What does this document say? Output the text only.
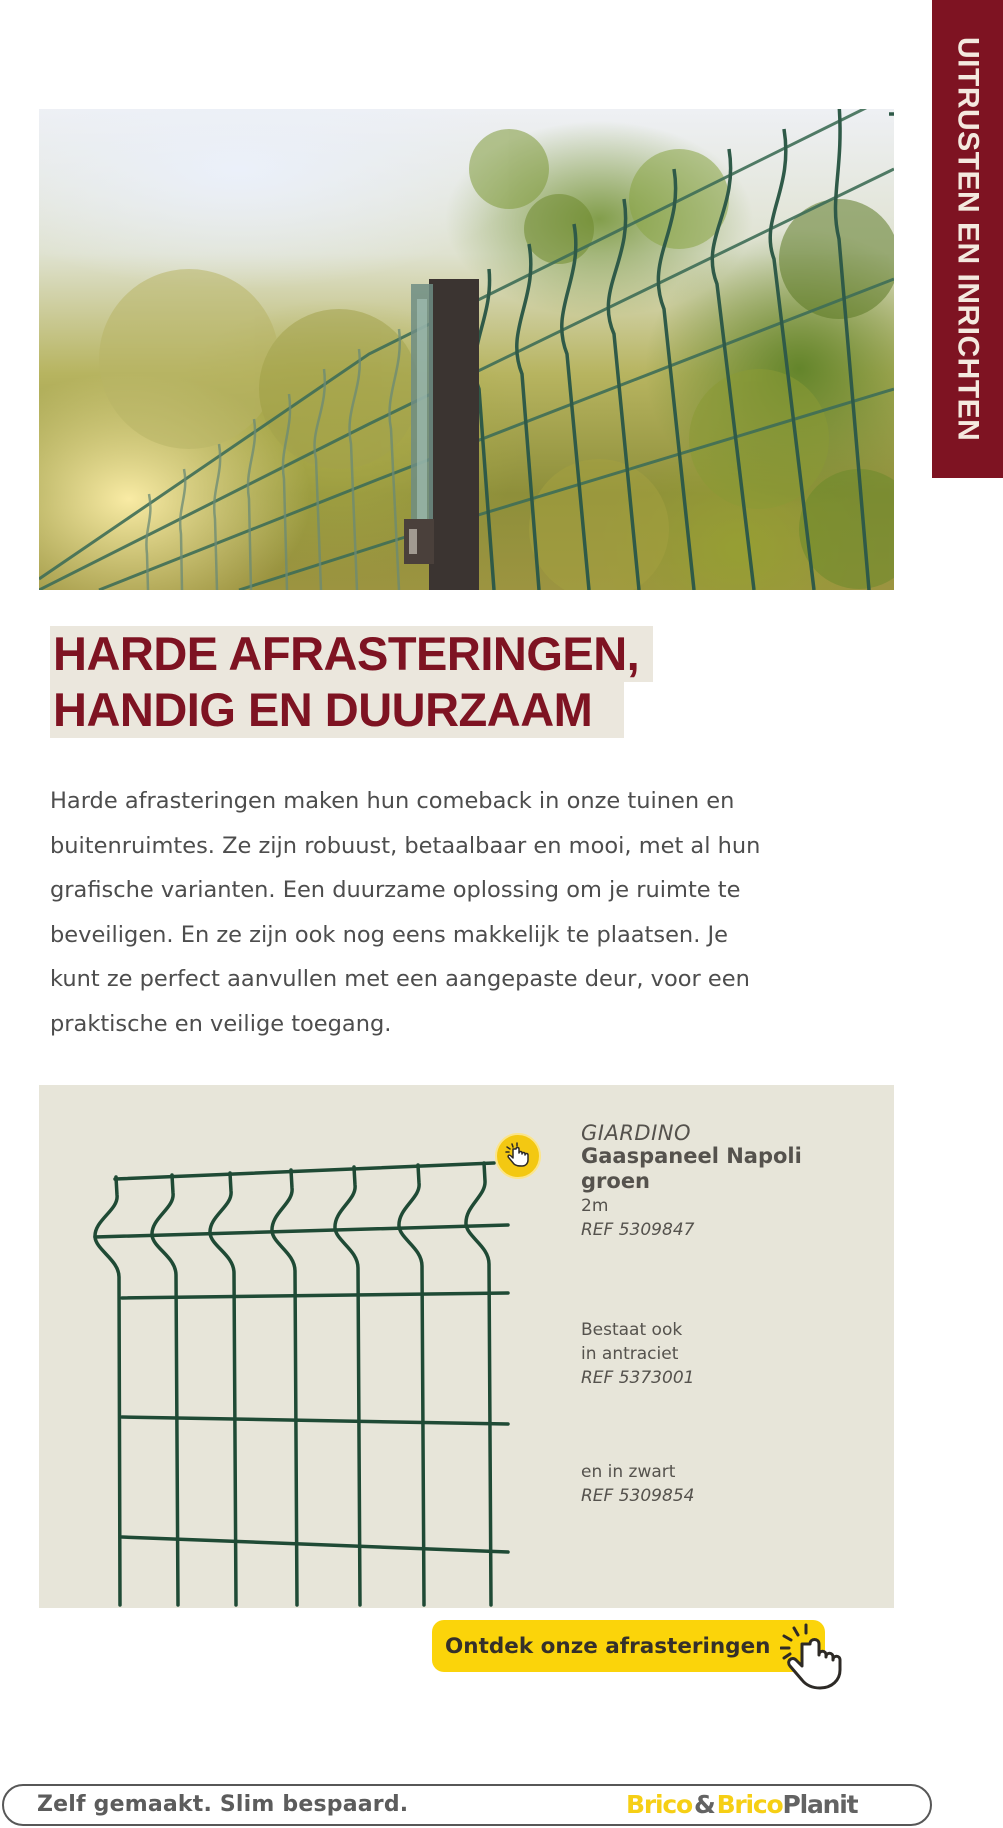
UITRUSTEN EN INRICHTEN
HARDE AFRASTERINGEN,
HANDIG EN DUURZAAM
Harde afrasteringen maken hun comeback in onze tuinen en
buitenruimtes. Ze zijn robuust, betaalbaar en mooi, met al hun
grafische varianten. Een duurzame oplossing om je ruimte te
beveiligen. En ze zijn ook nog eens makkelijk te plaatsen. Je
kunt ze perfect aanvullen met een aangepaste deur, voor een
praktische en veilige toegang.
GIARDINO
Gaaspaneel Napoli
groen
2m
REF 5309847
Bestaat ook
in antraciet
REF 5373001
en in zwart
REF 5309854
Ontdek onze afrasteringen
Zelf gemaakt. Slim bespaard.	Brico&BricoPlanit
